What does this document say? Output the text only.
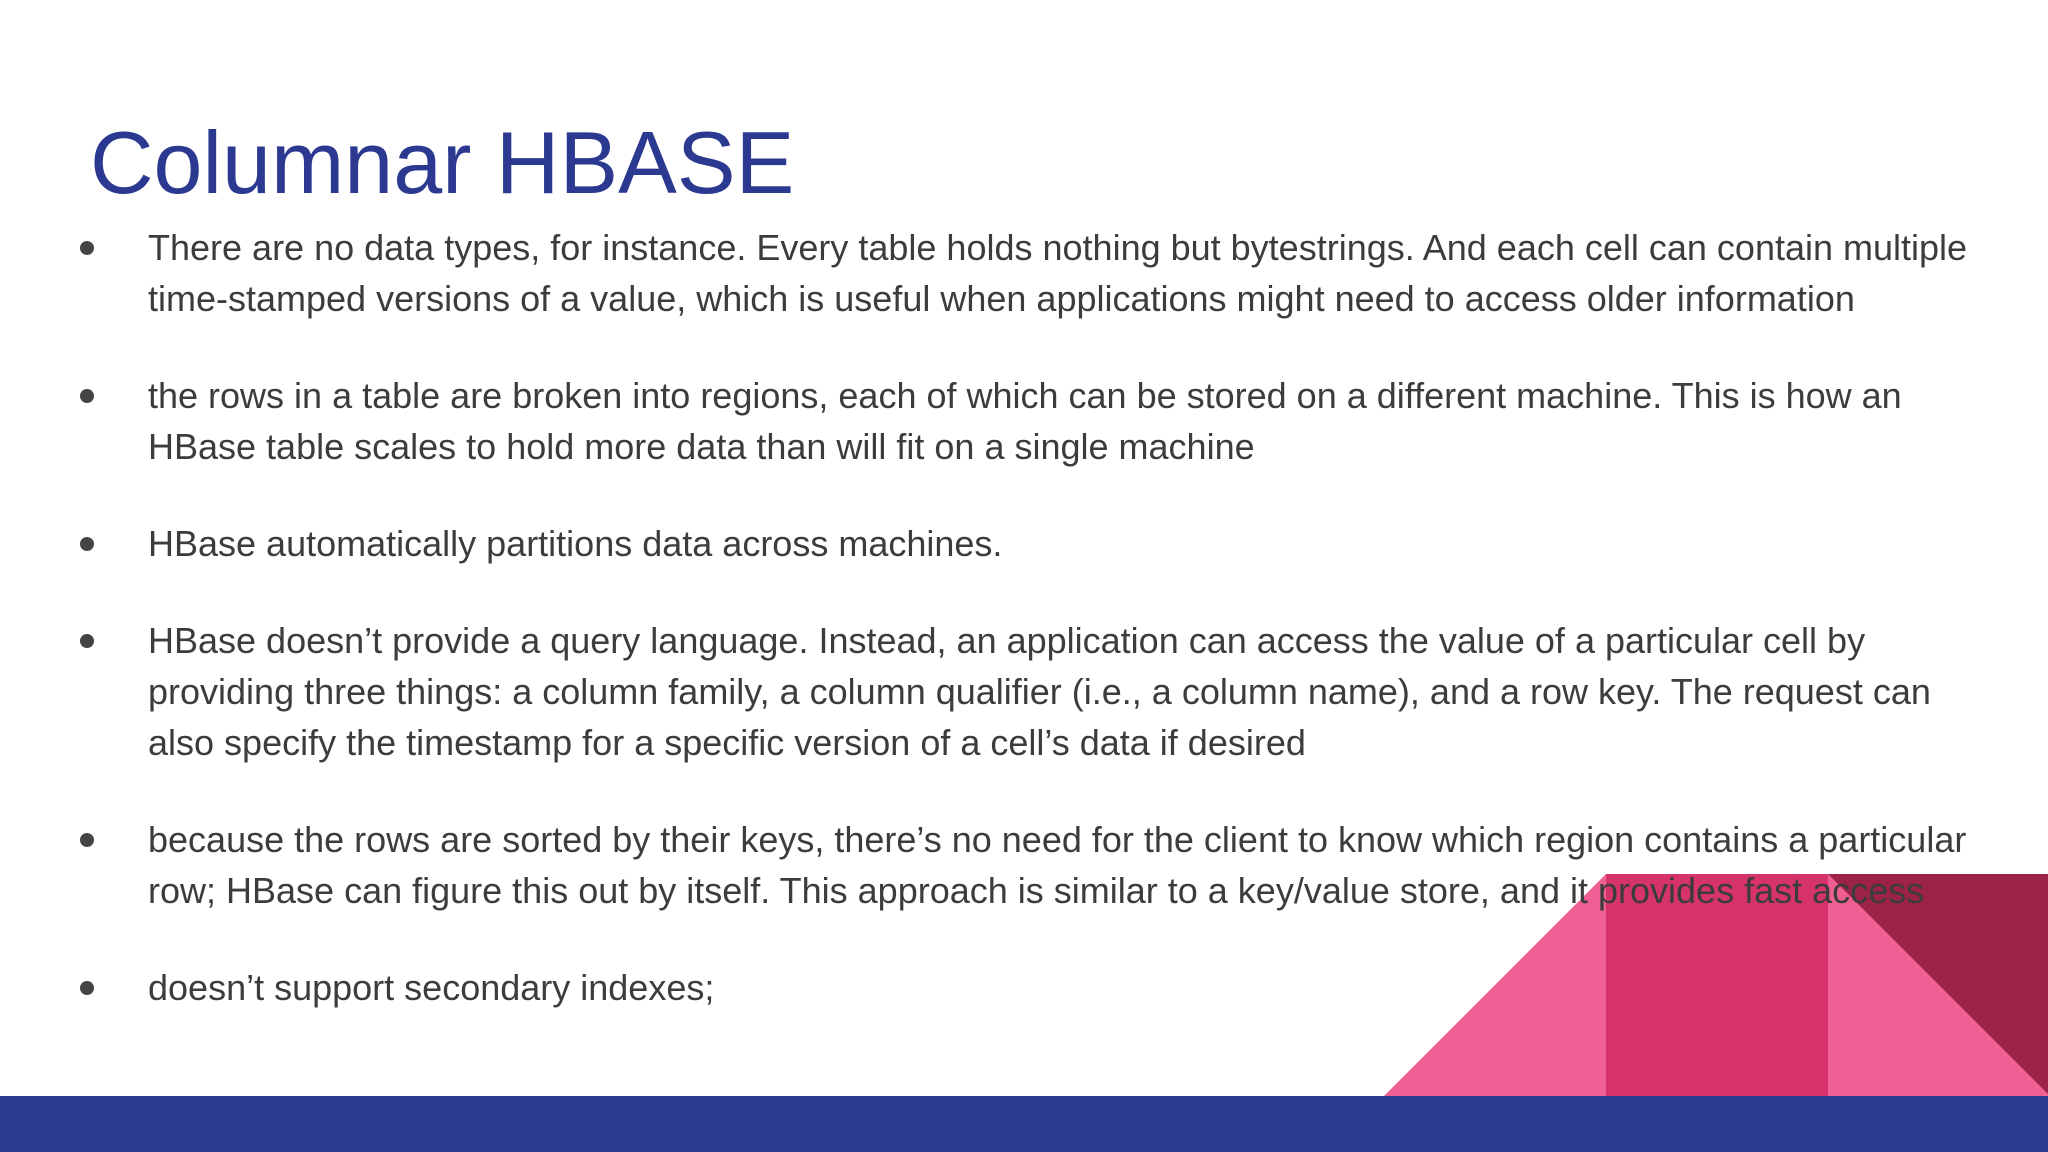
Columnar HBASE
There are no data types, for instance. Every table holds nothing but bytestrings. And each cell can contain multiple time-stamped versions of a value, which is useful when applications might need to access older information
the rows in a table are broken into regions, each of which can be stored on a different machine. This is how an HBase table scales to hold more data than will fit on a single machine
HBase automatically partitions data across machines.
HBase doesn’t provide a query language. Instead, an application can access the value of a particular cell by providing three things: a column family, a column qualifier (i.e., a column name), and a row key. The request can also specify the timestamp for a specific version of a cell’s data if desired
because the rows are sorted by their keys, there’s no need for the client to know which region contains a particular row; HBase can figure this out by itself. This approach is similar to a key/value store, and it provides fast access
doesn’t support secondary indexes;
